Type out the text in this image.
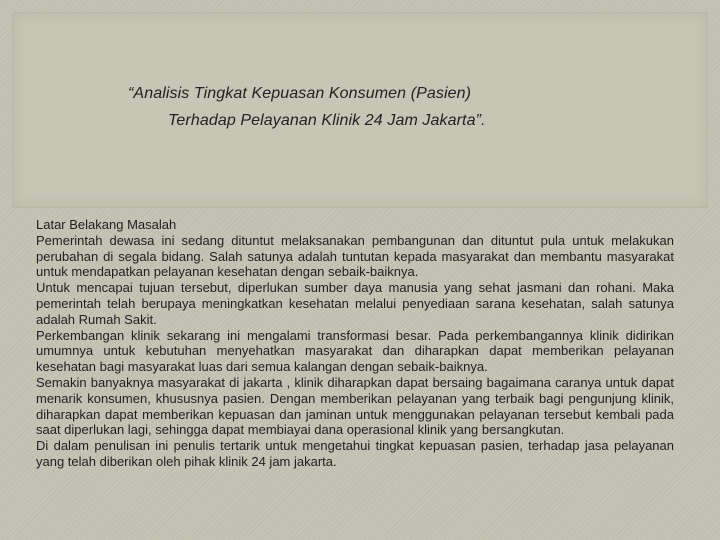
“Analisis Tingkat Kepuasan Konsumen (Pasien)
Terhadap Pelayanan Klinik 24 Jam Jakarta”.

Latar Belakang Masalah

Pemerintah dewasa ini sedang dituntut melaksanakan pembangunan dan dituntut pula untuk melakukan perubahan di segala bidang. Salah satunya adalah tuntutan kepada masyarakat dan membantu masyarakat untuk mendapatkan pelayanan kesehatan dengan sebaik-baiknya.

Untuk mencapai tujuan tersebut, diperlukan sumber daya manusia yang sehat jasmani dan rohani. Maka pemerintah telah berupaya meningkatkan kesehatan melalui penyediaan sarana kesehatan, salah satunya adalah Rumah Sakit.

Perkembangan klinik sekarang ini mengalami transformasi besar. Pada perkembangannya klinik didirikan umumnya untuk kebutuhan menyehatkan masyarakat dan diharapkan dapat memberikan pelayanan kesehatan bagi masyarakat luas dari semua kalangan dengan sebaik-baiknya.

Semakin banyaknya masyarakat di jakarta , klinik diharapkan dapat bersaing bagaimana caranya untuk dapat menarik konsumen, khususnya pasien. Dengan memberikan pelayanan yang terbaik bagi pengunjung klinik, diharapkan dapat memberikan kepuasan dan jaminan untuk menggunakan pelayanan tersebut kembali pada saat diperlukan lagi, sehingga dapat membiayai dana operasional klinik yang bersangkutan.

Di dalam penulisan ini penulis tertarik untuk mengetahui tingkat kepuasan pasien, terhadap jasa pelayanan yang telah diberikan oleh pihak klinik 24 jam jakarta.
